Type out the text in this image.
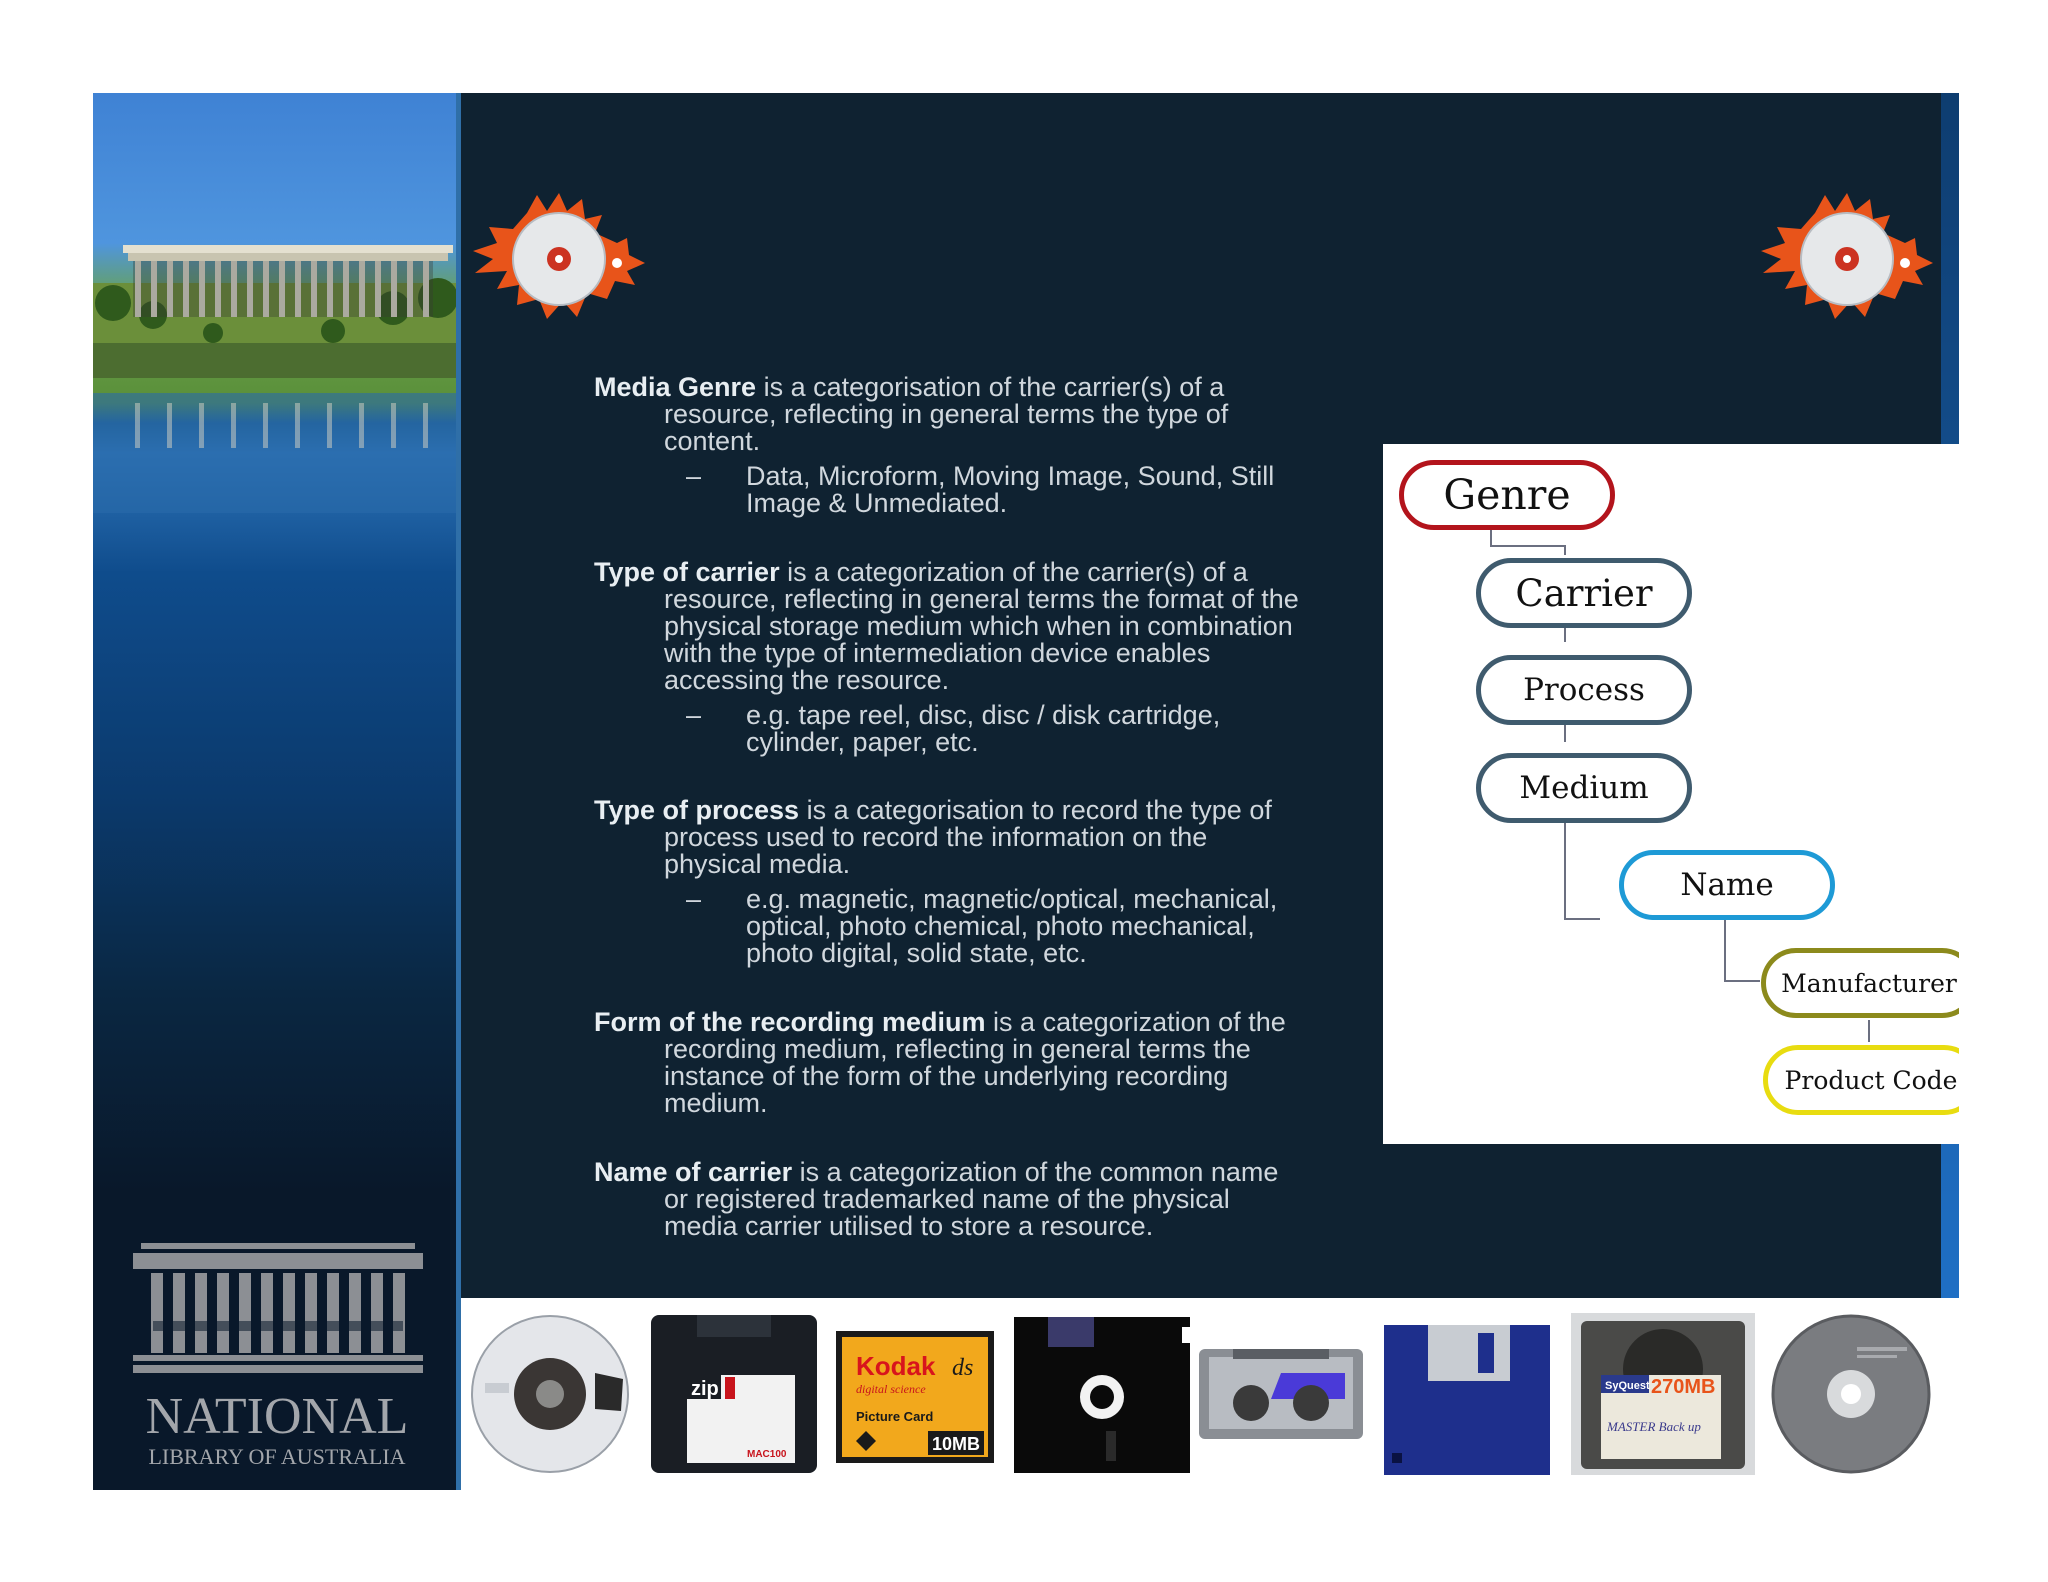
NATIONAL
LIBRARY OF AUSTRALIA
Media Genre is a categorisation of the carrier(s) of a
resource, reflecting in general terms the type of
content.
– Data, Microform, Moving Image, Sound, Still
Image & Unmediated.
Type of carrier is a categorization of the carrier(s) of a
resource, reflecting in general terms the format of the
physical storage medium which when in combination
with the type of intermediation device enables
accessing the resource.
– e.g. tape reel, disc, disc / disk cartridge,
cylinder, paper, etc.
Type of process is a categorisation to record the type of
process used to record the information on the
physical media.
– e.g. magnetic, magnetic/optical, mechanical,
optical, photo chemical, photo mechanical,
photo digital, solid state, etc.
Form of the recording medium is a categorization of the
recording medium, reflecting in general terms the
instance of the form of the underlying recording
medium.
Name of carrier is a categorization of the common name
or registered trademarked name of the physical
media carrier utilised to store a resource.
Genre
Carrier
Process
Medium
Name
Manufacturer
Product Code
zip
MAC100
Kodak ds
digital science
Picture Card
10MB
SyQuest 270MB
MASTER Back up
